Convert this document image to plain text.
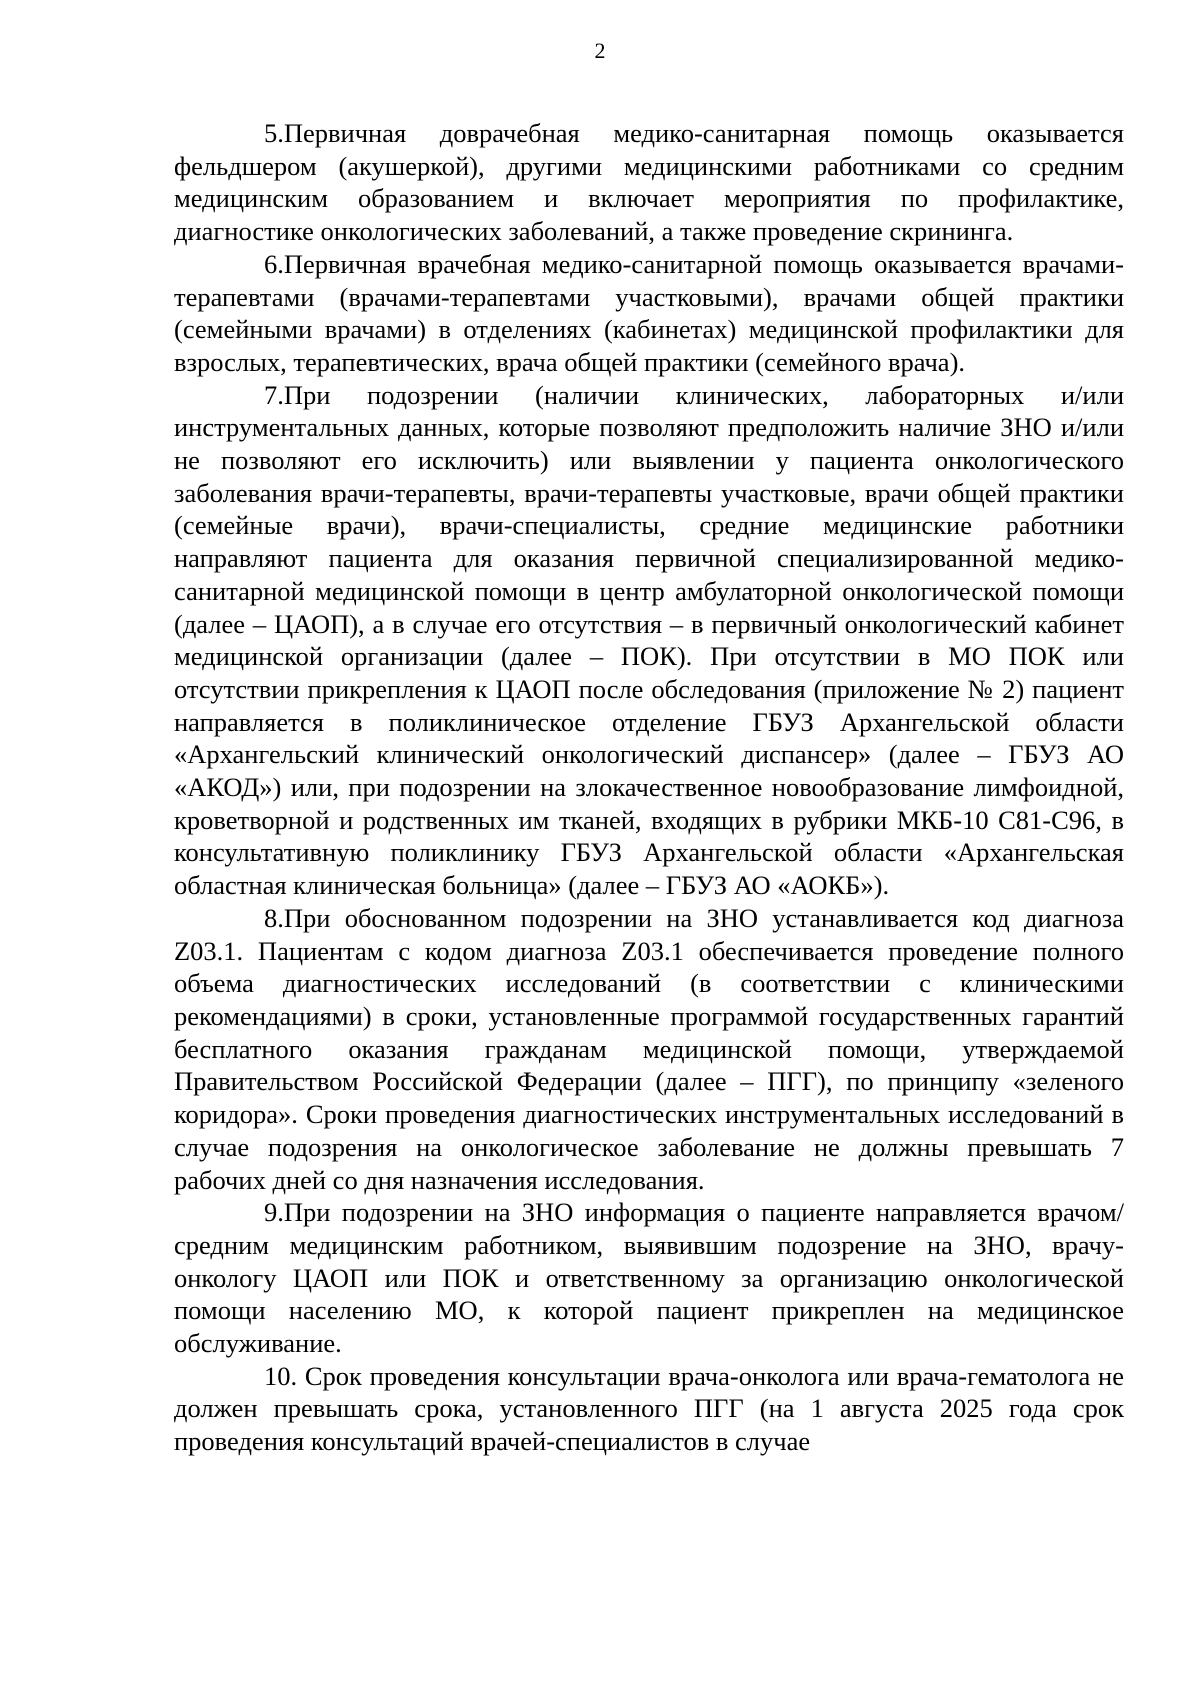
2

5.Первичная доврачебная медико-санитарная помощь оказывается фельдшером (акушеркой), другими медицинскими работниками со средним медицинским образованием и включает мероприятия по профилактике, диагностике онкологических заболеваний, а также проведение скрининга.

6.Первичная врачебная медико-санитарной помощь оказывается врачами-терапевтами (врачами-терапевтами участковыми), врачами общей практики (семейными врачами) в отделениях (кабинетах) медицинской профилактики для взрослых, терапевтических, врача общей практики (семейного врача).

7.При подозрении (наличии клинических, лабораторных и/или инструментальных данных, которые позволяют предположить наличие ЗНО и/или не позволяют его исключить) или выявлении у пациента онкологического заболевания врачи-терапевты, врачи-терапевты участковые, врачи общей практики (семейные врачи), врачи-специалисты, средние медицинские работники направляют пациента для оказания первичной специализированной медико-санитарной медицинской помощи в центр амбулаторной онкологической помощи (далее – ЦАОП), а в случае его отсутствия – в первичный онкологический кабинет медицинской организации (далее – ПОК). При отсутствии в МО ПОК или отсутствии прикрепления к ЦАОП после обследования (приложение № 2) пациент направляется в поликлиническое отделение ГБУЗ Архангельской области «Архангельский клинический онкологический диспансер» (далее – ГБУЗ АО «АКОД») или, при подозрении на злокачественное новообразование лимфоидной, кроветворной и родственных им тканей, входящих в рубрики МКБ-10 С81-С96, в консультативную поликлинику ГБУЗ Архангельской области «Архангельская областная клиническая больница» (далее – ГБУЗ АО «АОКБ»).

8.При обоснованном подозрении на ЗНО устанавливается код диагноза Z03.1. Пациентам с кодом диагноза Z03.1 обеспечивается проведение полного объема диагностических исследований (в соответствии с клиническими рекомендациями) в сроки, установленные программой государственных гарантий бесплатного оказания гражданам медицинской помощи, утверждаемой Правительством Российской Федерации (далее – ПГГ), по принципу «зеленого коридора». Сроки проведения диагностических инструментальных исследований в случае подозрения на онкологическое заболевание не должны превышать 7 рабочих дней со дня назначения исследования.

9.При подозрении на ЗНО информация о пациенте направляется врачом/средним медицинским работником, выявившим подозрение на ЗНО, врачу-онкологу ЦАОП или ПОК и ответственному за организацию онкологической помощи населению МО, к которой пациент прикреплен на медицинское обслуживание.

10. Срок проведения консультации врача-онколога или врача-гематолога не должен превышать срока, установленного ПГГ (на 1 августа 2025 года срок проведения консультаций врачей-специалистов в случае
